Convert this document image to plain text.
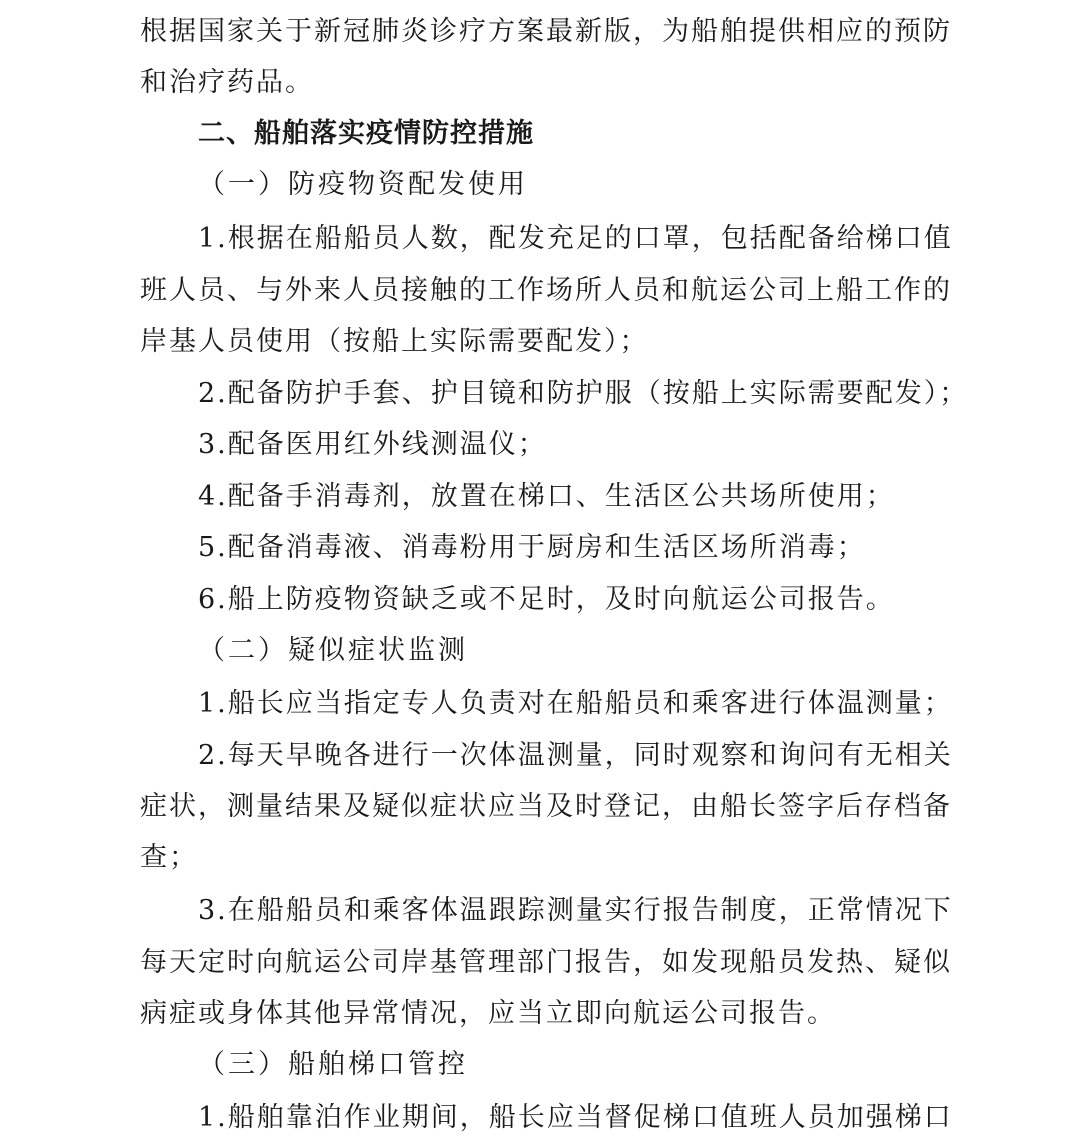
根据国家关于新冠肺炎诊疗方案最新版，为船舶提供相应的预防
和治疗药品。
二、船舶落实疫情防控措施
（一）防疫物资配发使用
1.根据在船船员人数，配发充足的口罩，包括配备给梯口值
班人员、与外来人员接触的工作场所人员和航运公司上船工作的
岸基人员使用（按船上实际需要配发）；
2.配备防护手套、护目镜和防护服（按船上实际需要配发）；
3.配备医用红外线测温仪；
4.配备手消毒剂，放置在梯口、生活区公共场所使用；
5.配备消毒液、消毒粉用于厨房和生活区场所消毒；
6.船上防疫物资缺乏或不足时，及时向航运公司报告。
（二）疑似症状监测
1.船长应当指定专人负责对在船船员和乘客进行体温测量；
2.每天早晚各进行一次体温测量，同时观察和询问有无相关
症状，测量结果及疑似症状应当及时登记，由船长签字后存档备
查；
3.在船船员和乘客体温跟踪测量实行报告制度，正常情况下
每天定时向航运公司岸基管理部门报告，如发现船员发热、疑似
病症或身体其他异常情况，应当立即向航运公司报告。
（三）船舶梯口管控
1.船舶靠泊作业期间，船长应当督促梯口值班人员加强梯口
